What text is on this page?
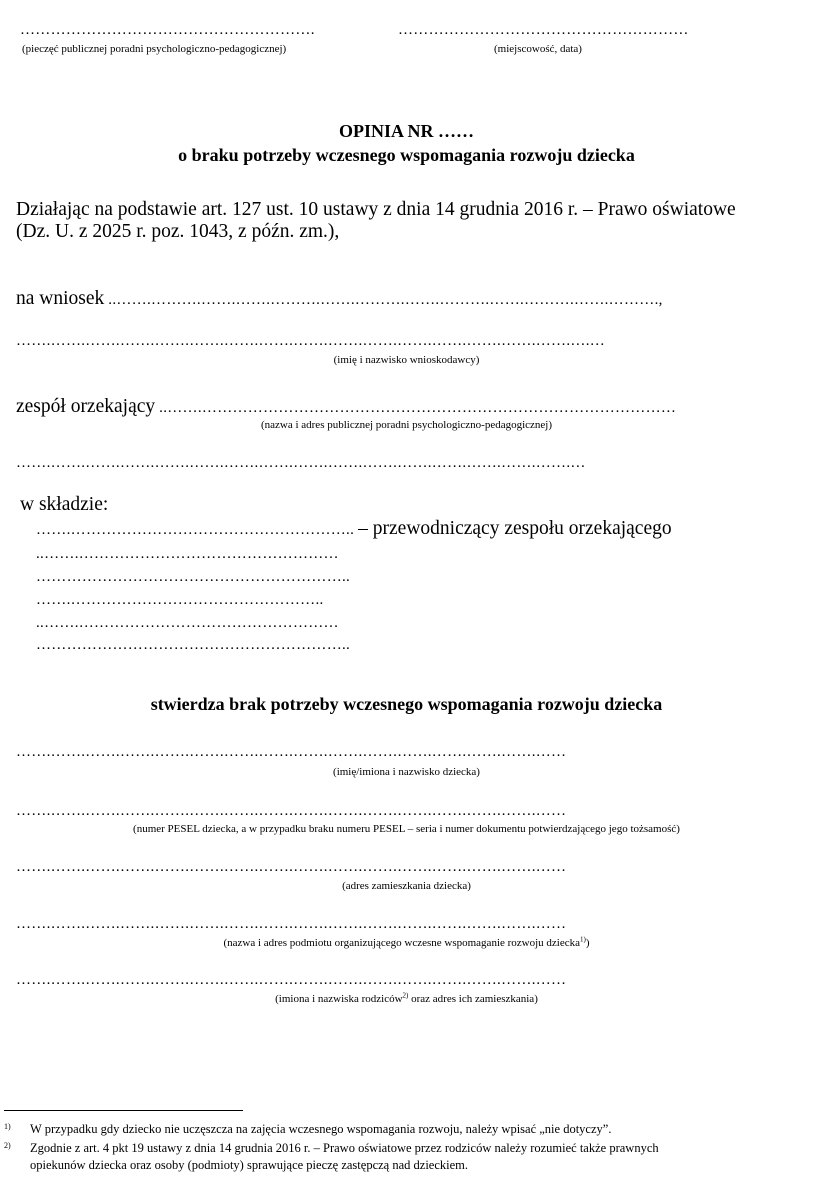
………………………………………………….
(pieczęć publicznej poradni psychologiczno-pedagogicznej)
…………………………………………………
(miejscowość, data)
OPINIA NR ……
o braku potrzeby wczesnego wspomagania rozwoju dziecka
Działając na podstawie art. 127 ust. 10 ustawy z dnia 14 grudnia 2016 r. – Prawo oświatowe
(Dz. U. z 2025 r. poz. 1043, z późn. zm.),
na wniosek ..…….……….…….…….……….…….……….…….……….…….……….…….……….,
…….…….…….…….…….…….…….…….…….…….…….…….…….…….…….…….….…
(imię i nazwisko wnioskodawcy)
zespół orzekający ..…….…………………………………………………………………………………
(nazwa i adres publicznej poradni psychologiczno-pedagogicznej)
…….…….…….…….…….…….…….…….…….…….…….…….…….…….…….…….…
w składzie:
…….……………………………………………….. – przewodniczący zespołu orzekającego
..…….……………………………………………
……………………………………………………..
…….…………………………………………..
..…….……………………………………………
……………………………………………………..
stwierdza brak potrzeby wczesnego wspomagania rozwoju dziecka
…….…….…….…….…….…….…….…….…….…….…….…….…….…….…….……
(imię/imiona i nazwisko dziecka)
…….…….…….…….…….…….…….…….…….…….…….…….…….…….…….……
(numer PESEL dziecka, a w przypadku braku numeru PESEL – seria i numer dokumentu potwierdzającego jego tożsamość)
…….…….…….…….…….…….…….…….…….…….…….…….…….…….…….……
(adres zamieszkania dziecka)
…….…….…….…….…….…….…….…….…….…….…….…….…….…….…….……
(nazwa i adres podmiotu organizującego wczesne wspomaganie rozwoju dziecka$^{1)}$)
…….…….…….…….…….…….…….…….…….…….…….…….…….…….…….……
(imiona i nazwiska rodziców$^{2)}$ oraz adres ich zamieszkania)
1) W przypadku gdy dziecko nie uczęszcza na zajęcia wczesnego wspomagania rozwoju, należy wpisać „nie dotyczy”.
2) Zgodnie z art. 4 pkt 19 ustawy z dnia 14 grudnia 2016 r. – Prawo oświatowe przez rodziców należy rozumieć także prawnych
opiekunów dziecka oraz osoby (podmioty) sprawujące pieczę zastępczą nad dzieckiem.
